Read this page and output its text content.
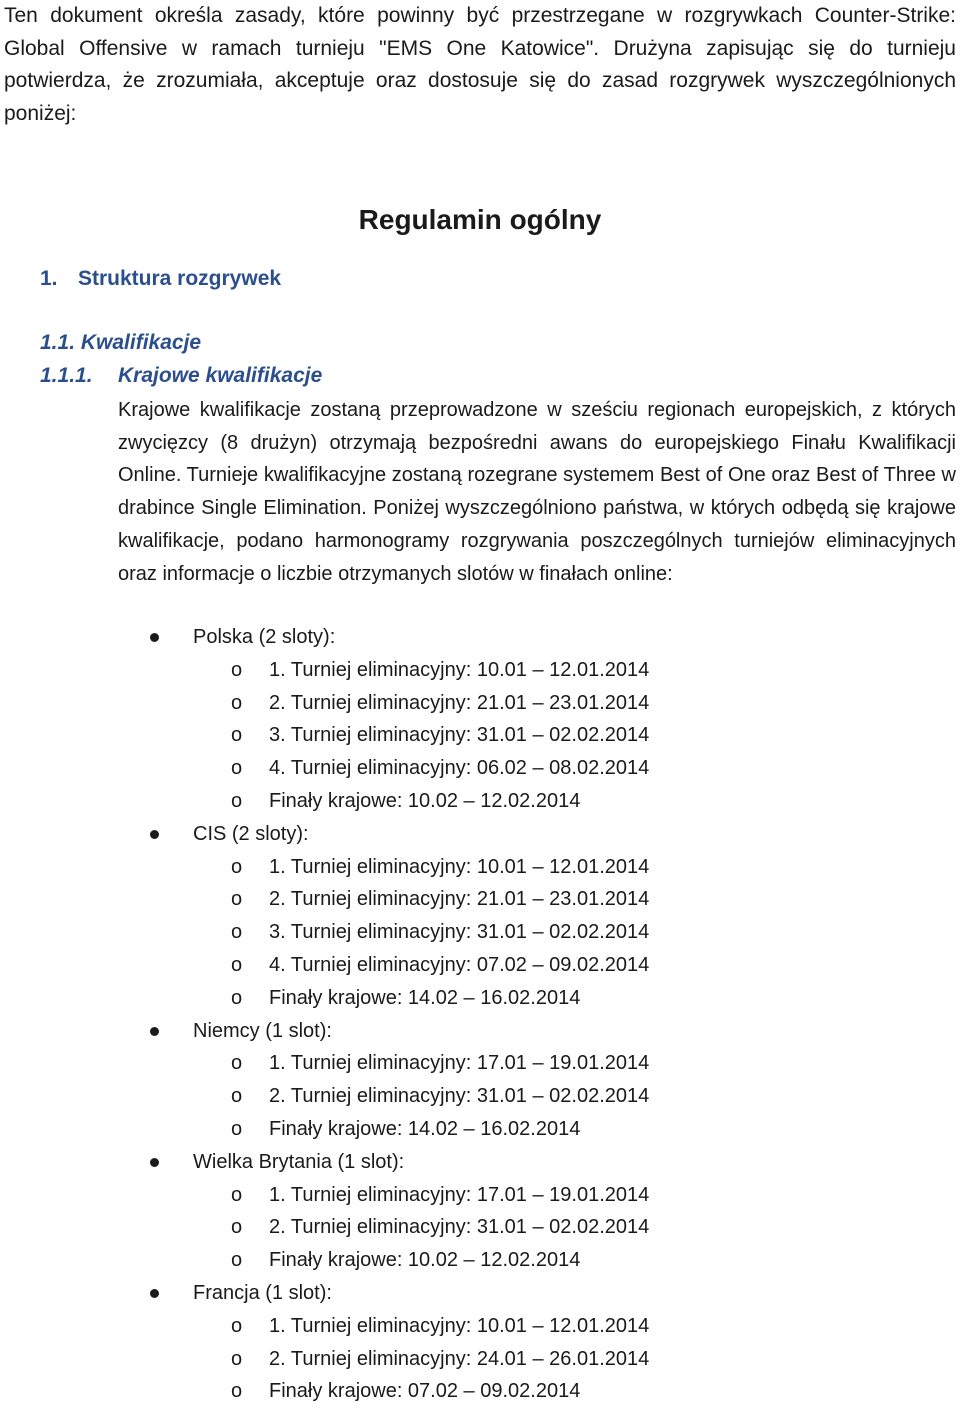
Ten dokument określa zasady, które powinny być przestrzegane w rozgrywkach Counter-Strike: Global Offensive w ramach turnieju "EMS One Katowice". Drużyna zapisując się do turnieju potwierdza, że zrozumiała, akceptuje oraz dostosuje się do zasad rozgrywek wyszczególnionych poniżej:

Regulamin ogólny
1. Struktura rozgrywek
1.1. Kwalifikacje
1.1.1. Krajowe kwalifikacje

Krajowe kwalifikacje zostaną przeprowadzone w sześciu regionach europejskich, z których zwycięzcy (8 drużyn) otrzymają bezpośredni awans do europejskiego Finału Kwalifikacji Online. Turnieje kwalifikacyjne zostaną rozegrane systemem Best of One oraz Best of Three w drabince Single Elimination. Poniżej wyszczególniono państwa, w których odbędą się krajowe kwalifikacje, podano harmonogramy rozgrywania poszczególnych turniejów eliminacyjnych oraz informacje o liczbie otrzymanych slotów w finałach online:

Polska (2 sloty):
o 1. Turniej eliminacyjny: 10.01 – 12.01.2014
o 2. Turniej eliminacyjny: 21.01 – 23.01.2014
o 3. Turniej eliminacyjny: 31.01 – 02.02.2014
o 4. Turniej eliminacyjny: 06.02 – 08.02.2014
o Finały krajowe: 10.02 – 12.02.2014
CIS (2 sloty):
o 1. Turniej eliminacyjny: 10.01 – 12.01.2014
o 2. Turniej eliminacyjny: 21.01 – 23.01.2014
o 3. Turniej eliminacyjny: 31.01 – 02.02.2014
o 4. Turniej eliminacyjny: 07.02 – 09.02.2014
o Finały krajowe: 14.02 – 16.02.2014
Niemcy (1 slot):
o 1. Turniej eliminacyjny: 17.01 – 19.01.2014
o 2. Turniej eliminacyjny: 31.01 – 02.02.2014
o Finały krajowe: 14.02 – 16.02.2014
Wielka Brytania (1 slot):
o 1. Turniej eliminacyjny: 17.01 – 19.01.2014
o 2. Turniej eliminacyjny: 31.01 – 02.02.2014
o Finały krajowe: 10.02 – 12.02.2014
Francja (1 slot):
o 1. Turniej eliminacyjny: 10.01 – 12.01.2014
o 2. Turniej eliminacyjny: 24.01 – 26.01.2014
o Finały krajowe: 07.02 – 09.02.2014
